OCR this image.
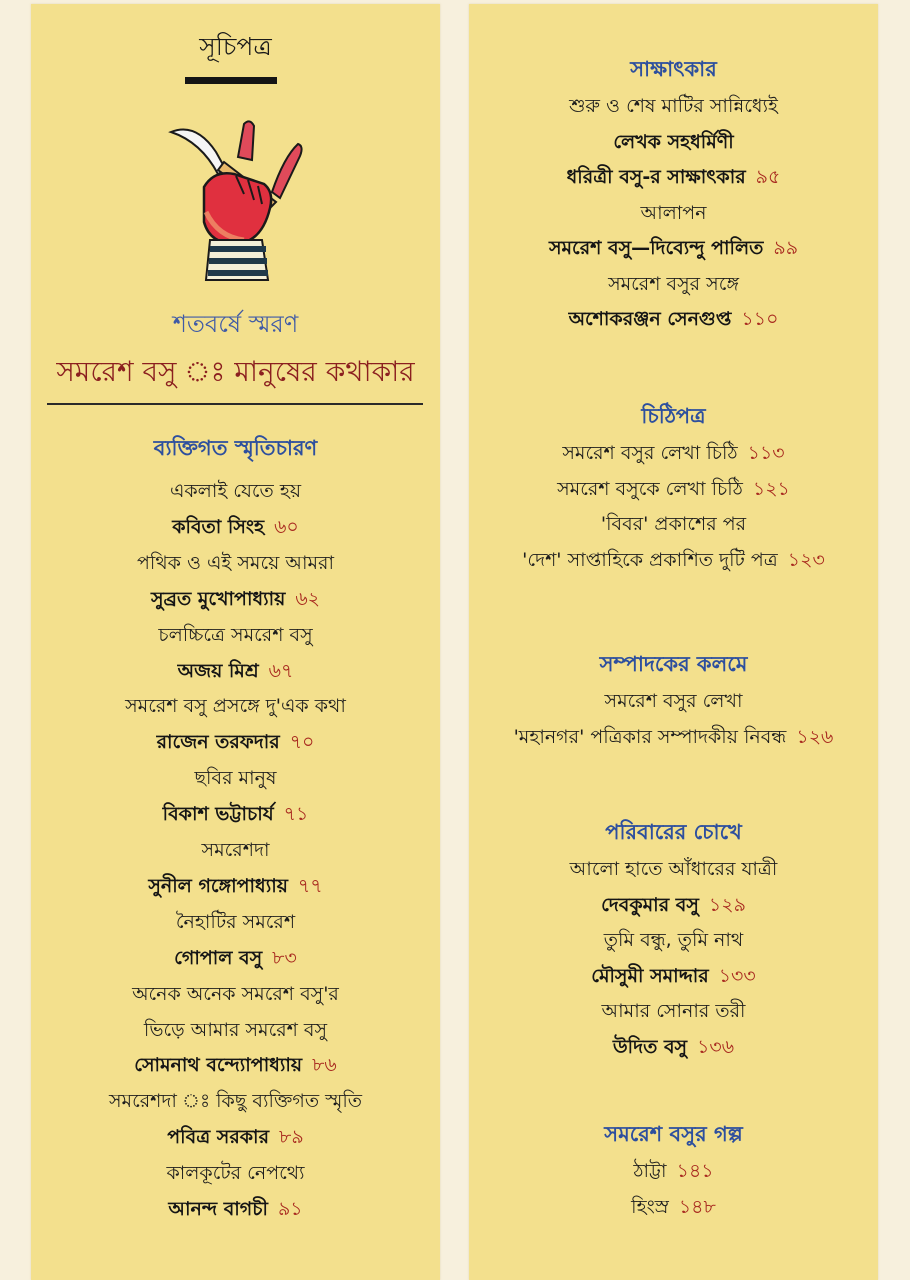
সূচিপত্র
শতবর্ষে স্মরণ
সমরেশ বসু ঃ মানুষের কথাকার
ব্যক্তিগত স্মৃতিচারণ
একলাই যেতে হয়
কবিতা সিংহ ৬০
পথিক ও এই সময়ে আমরা
সুব্রত মুখোপাধ্যায় ৬২
চলচ্চিত্রে সমরেশ বসু
অজয় মিশ্র ৬৭
সমরেশ বসু প্রসঙ্গে দু'এক কথা
রাজেন তরফদার ৭০
ছবির মানুষ
বিকাশ ভট্টাচার্য ৭১
সমরেশদা
সুনীল গঙ্গোপাধ্যায় ৭৭
নৈহাটির সমরেশ
গোপাল বসু ৮৩
অনেক অনেক সমরেশ বসু'র
ভিড়ে আমার সমরেশ বসু
সোমনাথ বন্দ্যোপাধ্যায় ৮৬
সমরেশদা ঃ কিছু ব্যক্তিগত স্মৃতি
পবিত্র সরকার ৮৯
কালকূটের নেপথ্যে
আনন্দ বাগচী ৯১
সাক্ষাৎকার
শুরু ও শেষ মাটির সান্নিধ্যেই
লেখক সহধর্মিণী
ধরিত্রী বসু-র সাক্ষাৎকার ৯৫
আলাপন
সমরেশ বসু—দিব্যেন্দু পালিত ৯৯
সমরেশ বসুর সঙ্গে
অশোকরঞ্জন সেনগুপ্ত ১১০
চিঠিপত্র
সমরেশ বসুর লেখা চিঠি ১১৩
সমরেশ বসুকে লেখা চিঠি ১২১
'বিবর' প্রকাশের পর
'দেশ' সাপ্তাহিকে প্রকাশিত দুটি পত্র ১২৩
সম্পাদকের কলমে
সমরেশ বসুর লেখা
'মহানগর' পত্রিকার সম্পাদকীয় নিবন্ধ ১২৬
পরিবারের চোখে
আলো হাতে আঁধারের যাত্রী
দেবকুমার বসু ১২৯
তুমি বন্ধু, তুমি নাথ
মৌসুমী সমাদ্দার ১৩৩
আমার সোনার তরী
উদিত বসু ১৩৬
সমরেশ বসুর গল্প
ঠাট্টা ১৪১
হিংস্র ১৪৮
